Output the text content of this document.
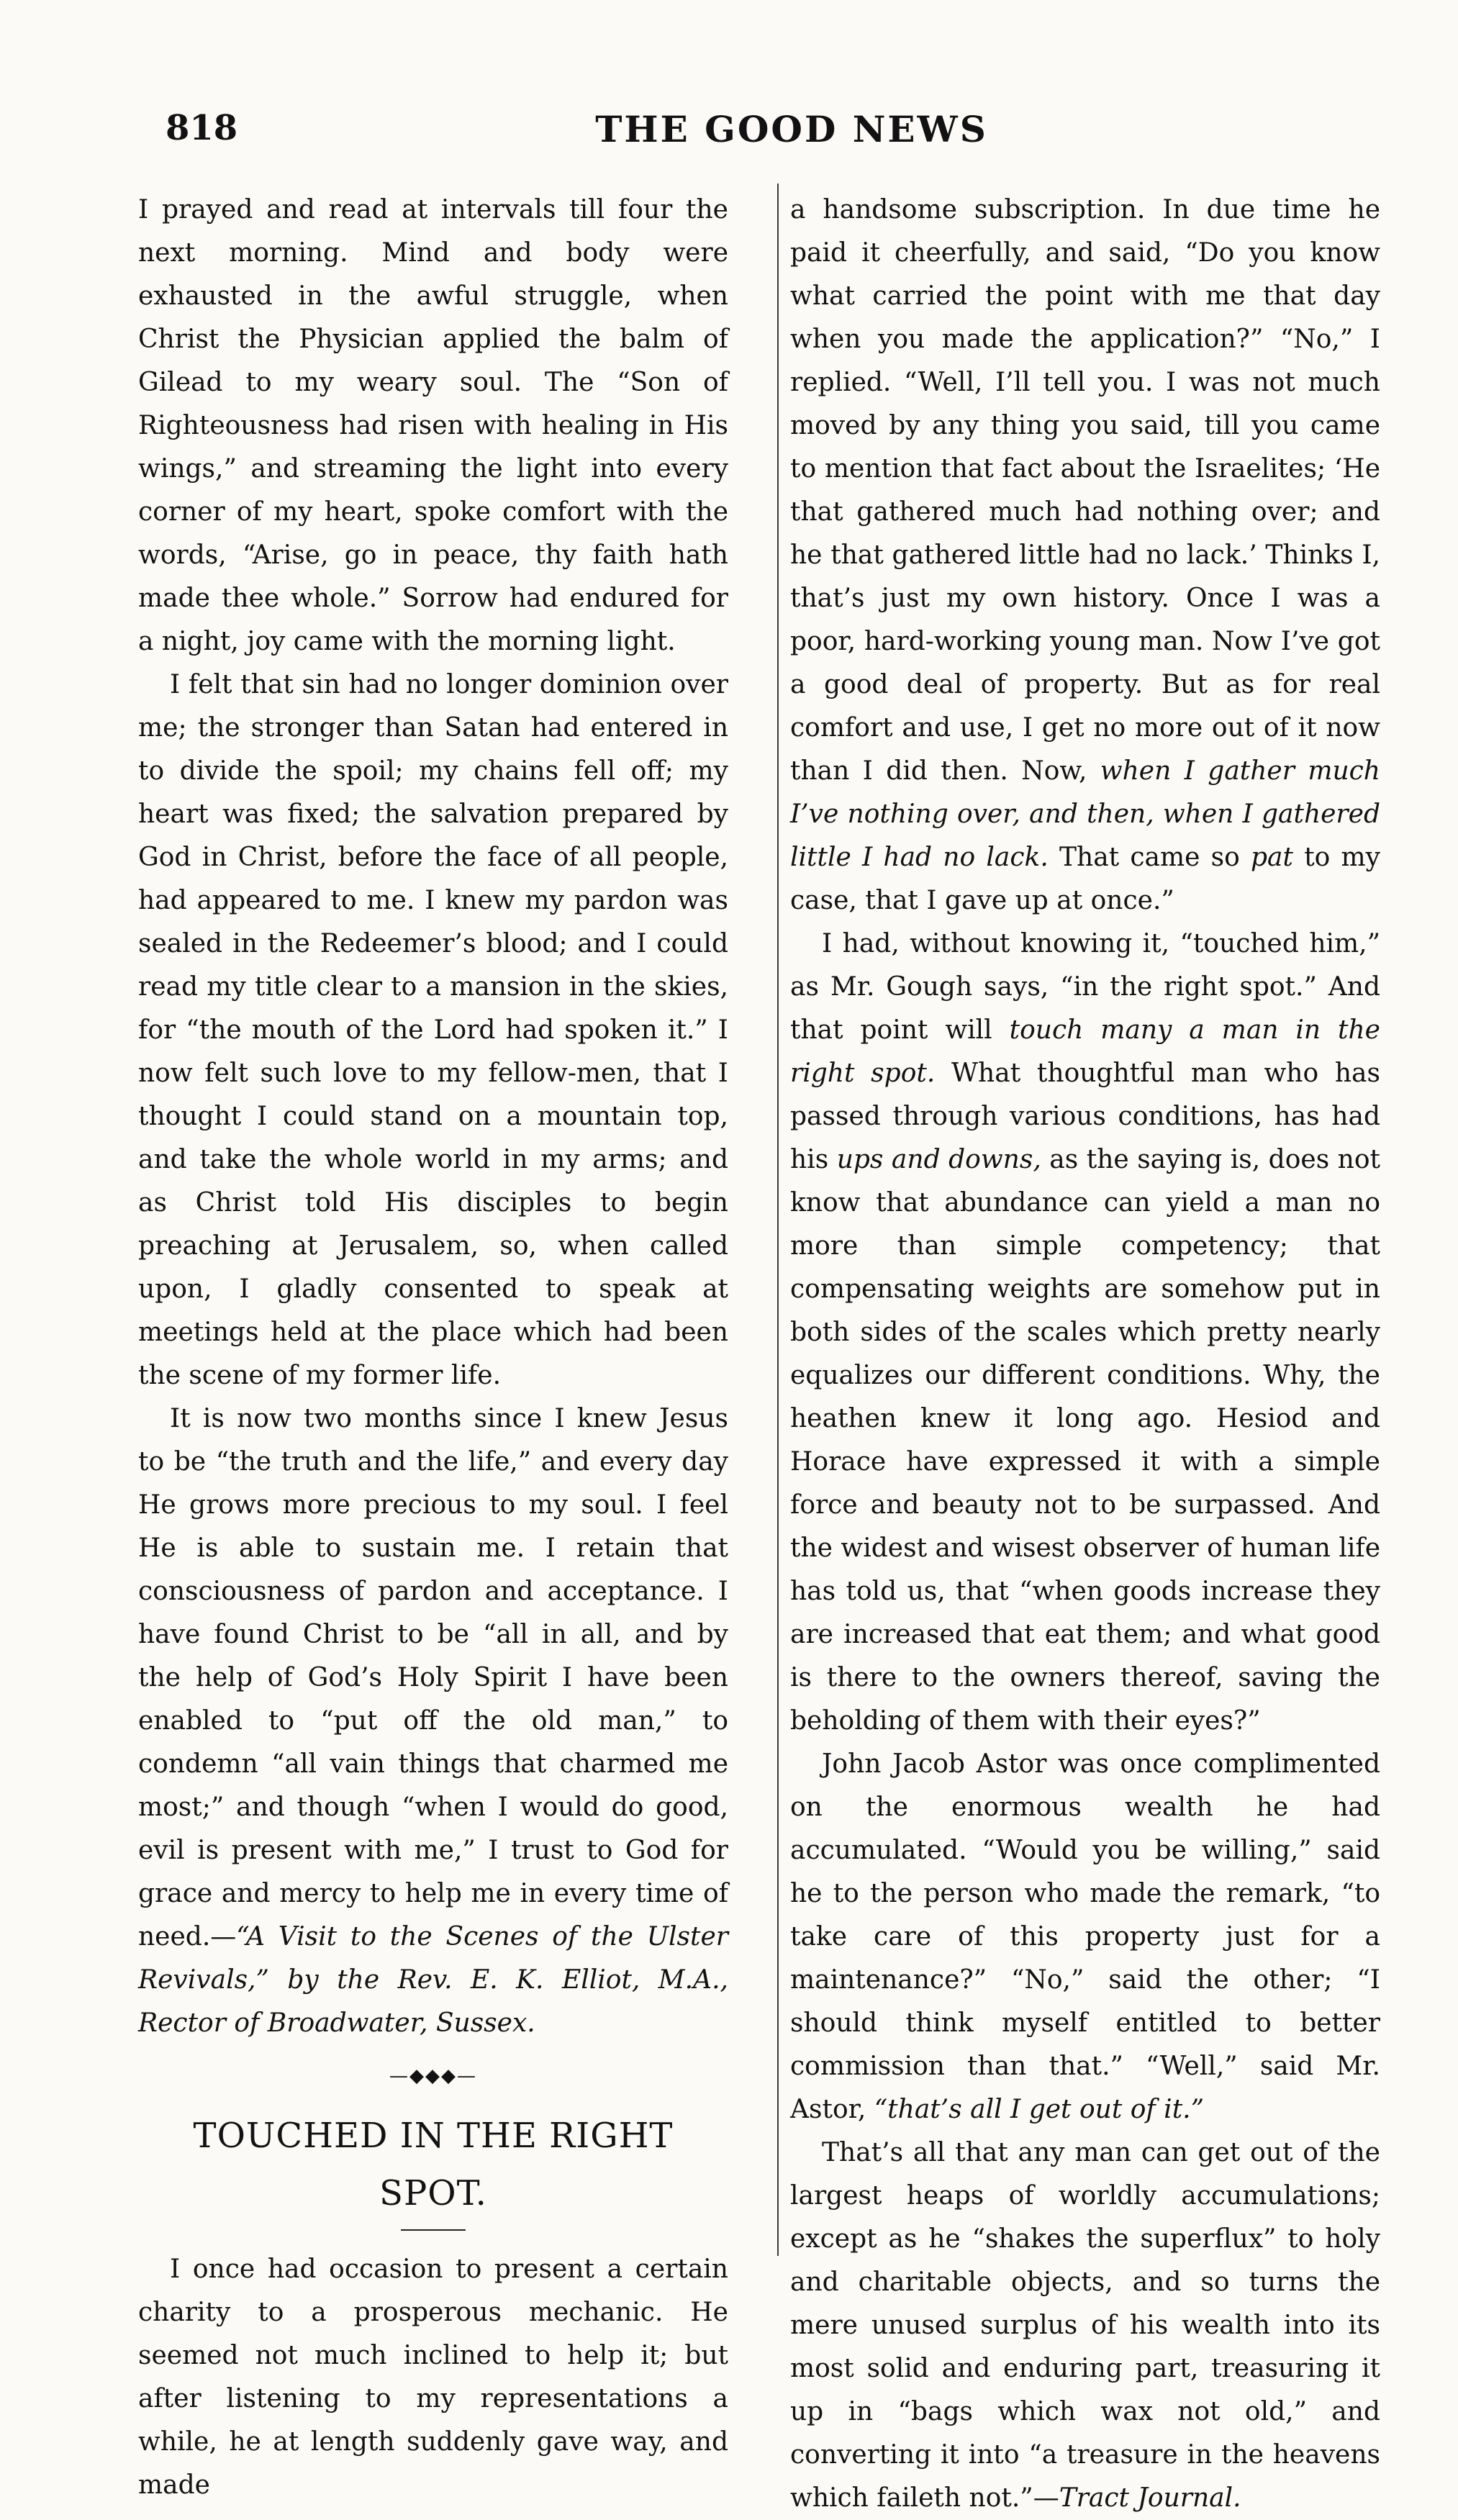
818	THE GOOD NEWS

I prayed and read at intervals till four the next morning. Mind and body were exhausted in the awful struggle, when Christ the Physician applied the balm of Gilead to my weary soul. The “Son of Righteousness had risen with healing in His wings,” and streaming the light into every corner of my heart, spoke comfort with the words, “Arise, go in peace, thy faith hath made thee whole.” Sorrow had endured for a night, joy came with the morning light.

I felt that sin had no longer dominion over me; the stronger than Satan had entered in to divide the spoil; my chains fell off; my heart was fixed; the salvation prepared by God in Christ, before the face of all people, had appeared to me. I knew my pardon was sealed in the Redeemer’s blood; and I could read my title clear to a mansion in the skies, for “the mouth of the Lord had spoken it.” I now felt such love to my fellow-men, that I thought I could stand on a mountain top, and take the whole world in my arms; and as Christ told His disciples to begin preaching at Jerusalem, so, when called upon, I gladly consented to speak at meetings held at the place which had been the scene of my former life.

It is now two months since I knew Jesus to be “the truth and the life,” and every day He grows more precious to my soul. I feel He is able to sustain me. I retain that consciousness of pardon and acceptance. I have found Christ to be “all in all, and by the help of God’s Holy Spirit I have been enabled to “put off the old man,” to condemn “all vain things that charmed me most;” and though “when I would do good, evil is present with me,” I trust to God for grace and mercy to help me in every time of need.—“A Visit to the Scenes of the Ulster Revivals,” by the Rev. E. K. Elliot, M.A., Rector of Broadwater, Sussex.

—◆◆◆—
TOUCHED IN THE RIGHT SPOT.

I once had occasion to present a certain charity to a prosperous mechanic. He seemed not much inclined to help it; but after listening to my representations a while, he at length suddenly gave way, and made

a handsome subscription. In due time he paid it cheerfully, and said, “Do you know what carried the point with me that day when you made the application?” “No,” I replied. “Well, I’ll tell you. I was not much moved by any thing you said, till you came to mention that fact about the Israelites; ‘He that gathered much had nothing over; and he that gathered little had no lack.’ Thinks I, that’s just my own history. Once I was a poor, hard-working young man. Now I’ve got a good deal of property. But as for real comfort and use, I get no more out of it now than I did then. Now, when I gather much I’ve nothing over, and then, when I gathered little I had no lack. That came so pat to my case, that I gave up at once.”

I had, without knowing it, “touched him,” as Mr. Gough says, “in the right spot.” And that point will touch many a man in the right spot. What thoughtful man who has passed through various conditions, has had his ups and downs, as the saying is, does not know that abundance can yield a man no more than simple competency; that compensating weights are somehow put in both sides of the scales which pretty nearly equalizes our different conditions. Why, the heathen knew it long ago. Hesiod and Horace have expressed it with a simple force and beauty not to be surpassed. And the widest and wisest observer of human life has told us, that “when goods increase they are increased that eat them; and what good is there to the owners thereof, saving the beholding of them with their eyes?”

John Jacob Astor was once complimented on the enormous wealth he had accumulated. “Would you be willing,” said he to the person who made the remark, “to take care of this property just for a maintenance?” “No,” said the other; “I should think myself entitled to better commission than that.” “Well,” said Mr. Astor, “that’s all I get out of it.”

That’s all that any man can get out of the largest heaps of worldly accumulations; except as he “shakes the superflux” to holy and charitable objects, and so turns the mere unused surplus of his wealth into its most solid and enduring part, treasuring it up in “bags which wax not old,” and converting it into “a treasure in the heavens which faileth not.”—Tract Journal.
